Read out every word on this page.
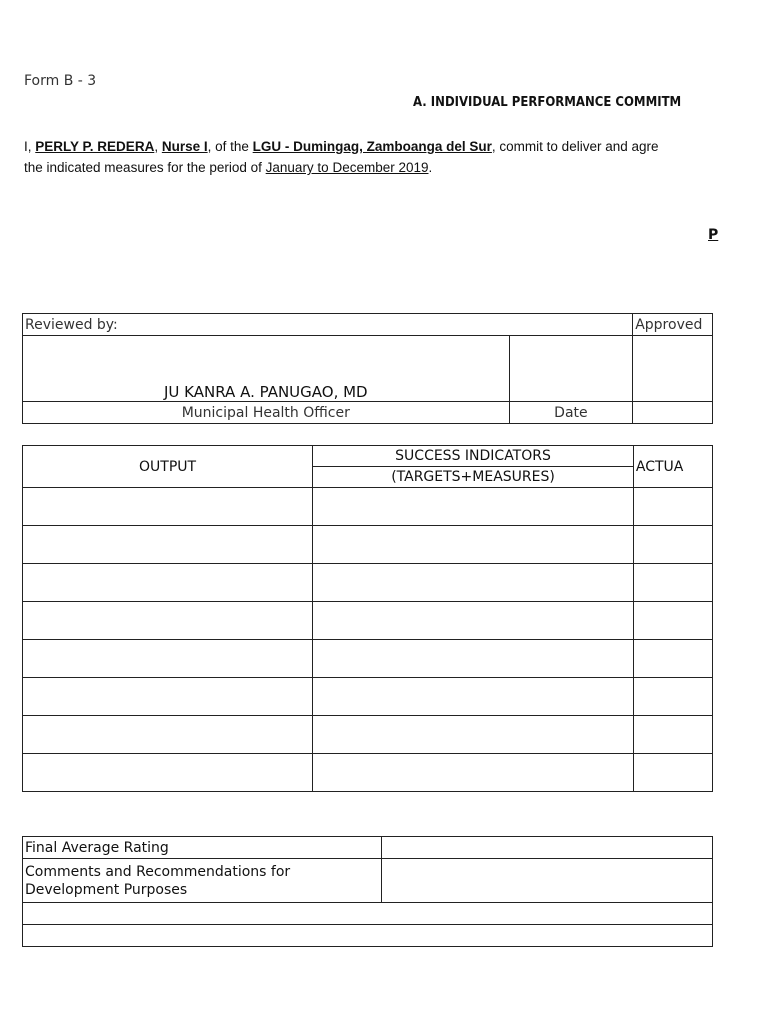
Form B - 3
A. INDIVIDUAL PERFORMANCE COMMITM
I, PERLY P. REDERA, Nurse I, of the LGU - Dumingag, Zamboanga del Sur, commit to deliver and agre
the indicated measures for the period of January to December 2019.
P
Reviewed by:		Approved
JU KANRA A. PANUGAO, MD		
Municipal Health Officer	Date	
OUTPUT	SUCCESS INDICATORS	ACTUA
	(TARGETS+MEASURES)	

Final Average Rating	

Comments and Recommendations for
Development Purposes	
